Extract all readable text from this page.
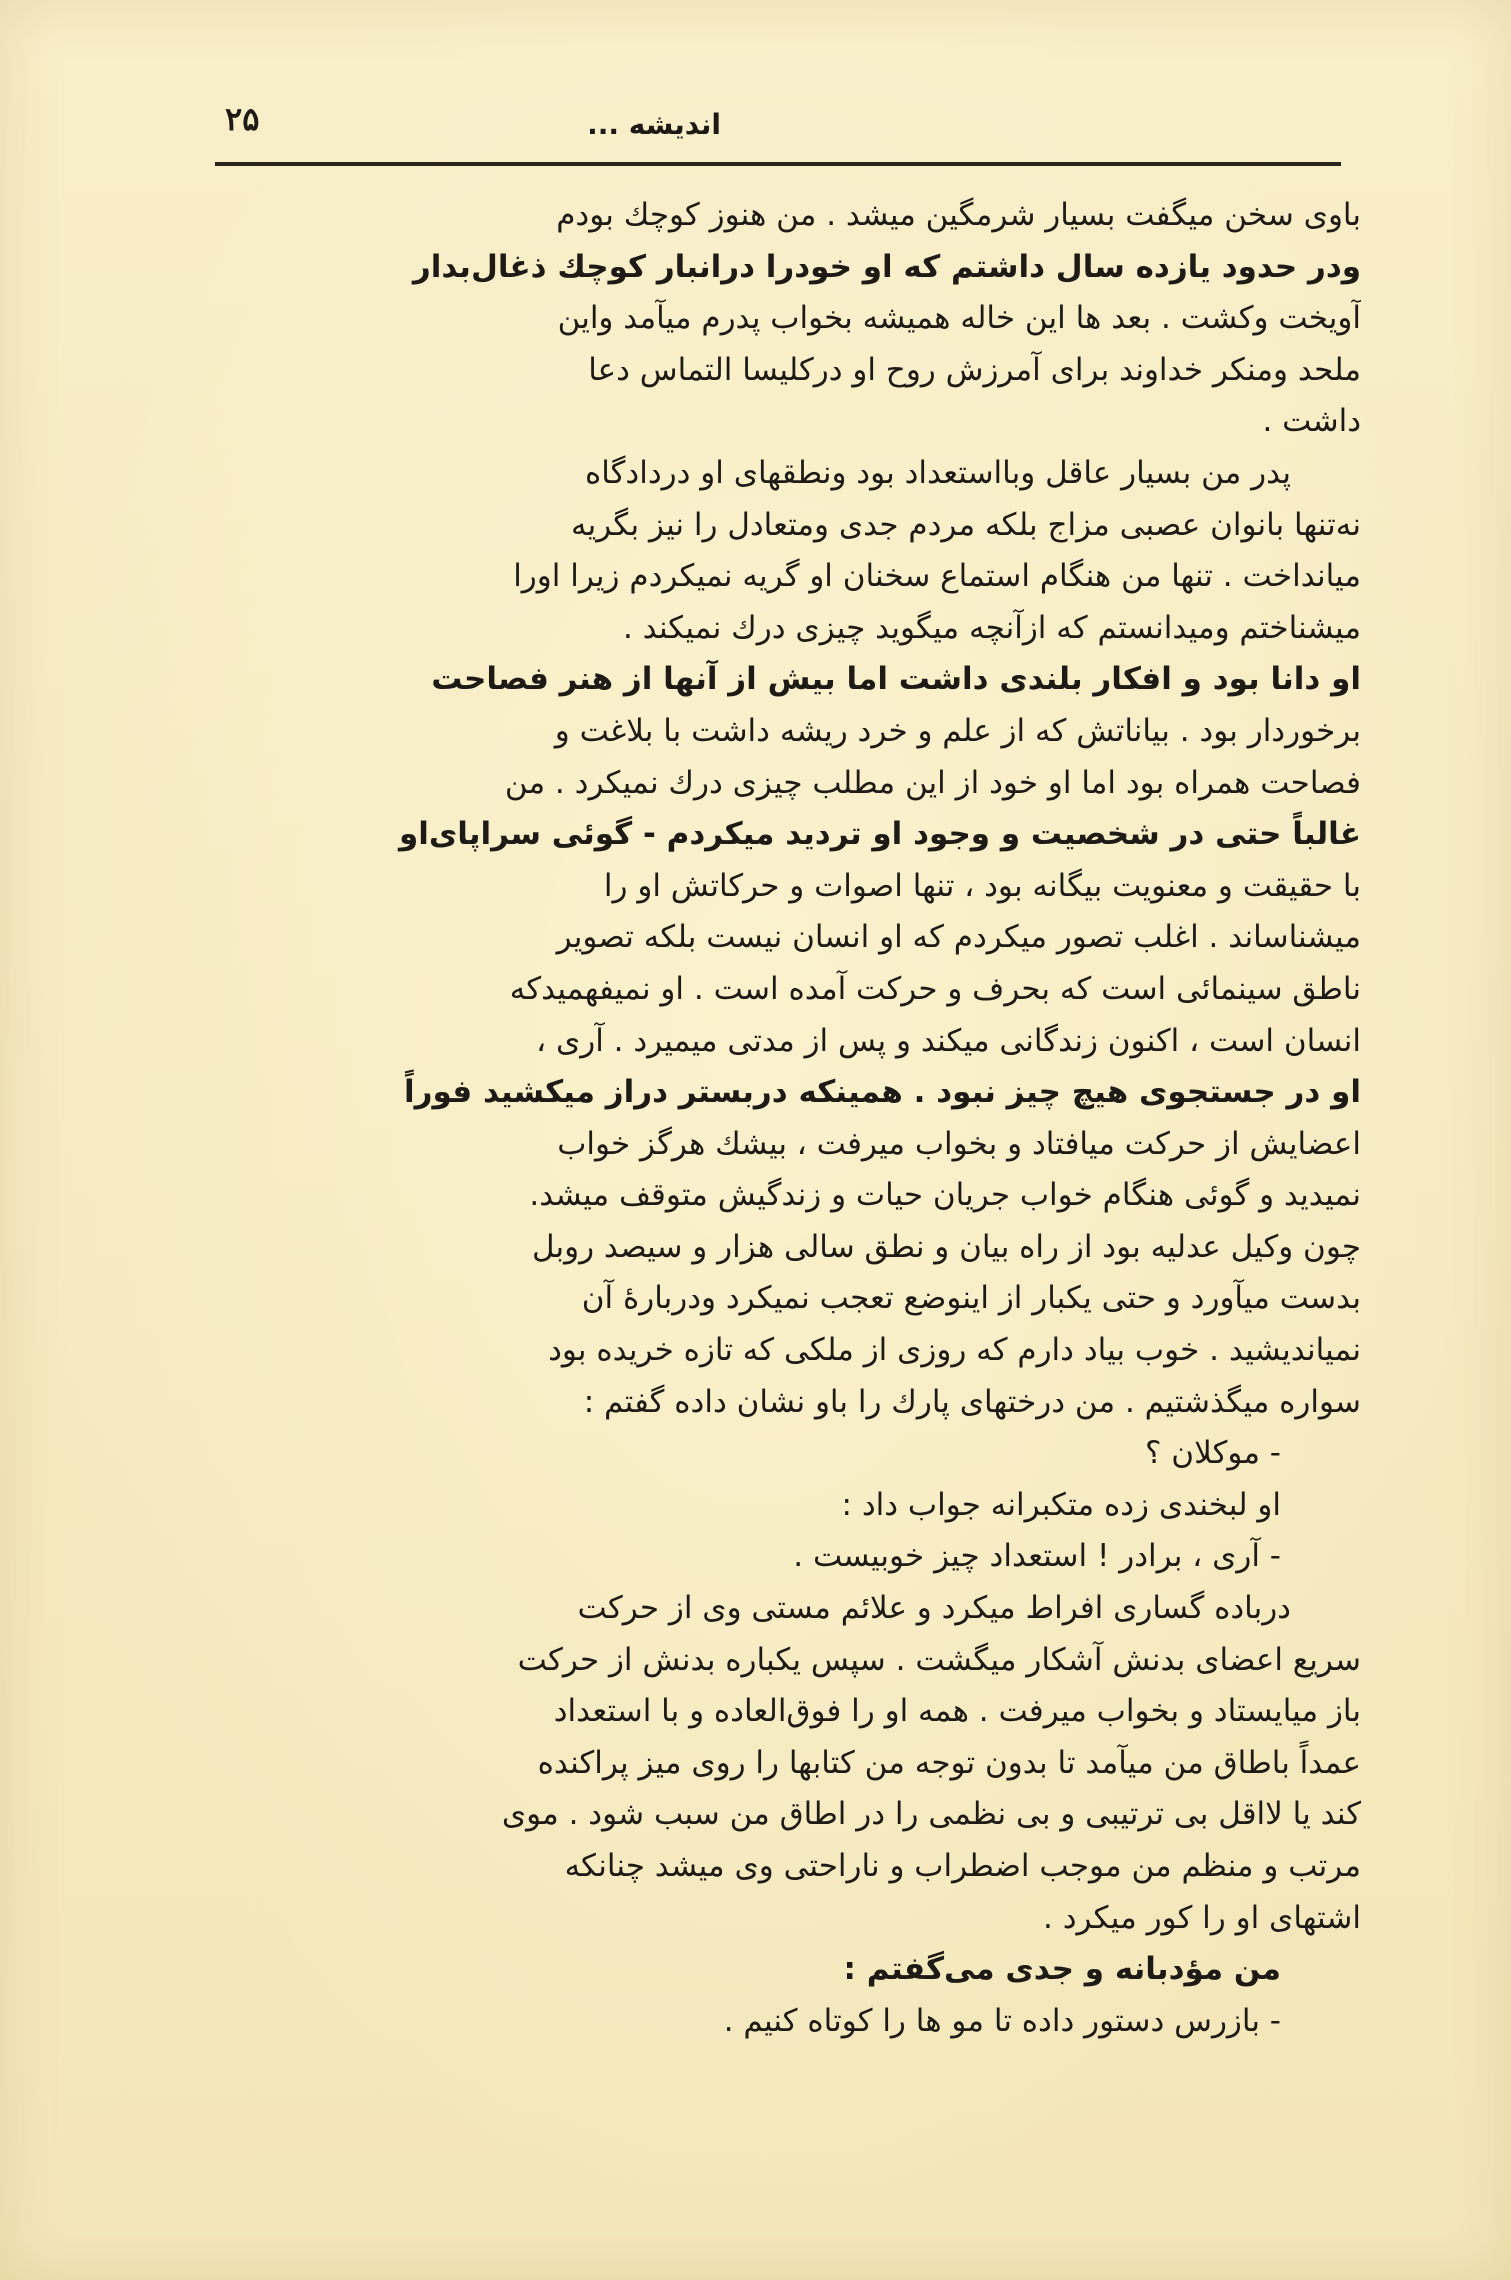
۲۵	اندیشه ...

باوی سخن میگفت بسیار شرمگین میشد . من هنوز کوچك بودم
ودر حدود یازده سال داشتم که او خودرا درانبار کوچك ذغال‌بدار
آویخت وکشت . بعد ها این خاله همیشه بخواب پدرم میآمد واین
ملحد ومنکر خداوند برای آمرزش روح او درکلیسا التماس دعا
داشت .

پدر من بسیار عاقل وبااستعداد بود ونطقهای او دردادگاه
نه‌تنها بانوان عصبی مزاج بلکه مردم جدی ومتعادل را نیز بگریه
میانداخت . تنها من هنگام استماع سخنان او گریه نمیکردم زیرا اورا
میشناختم ومیدانستم که ازآنچه میگوید چیزی درك نمیکند .

او دانا بود و افکار بلندی داشت اما بیش از آنها از هنر فصاحت
برخوردار بود . بیاناتش که از علم و خرد ریشه داشت با بلاغت و
فصاحت همراه بود اما او خود از این مطلب چیزی درك نمیکرد . من
غالباً حتی در شخصیت و وجود او تردید میکردم - گوئی سراپای‌او
با حقیقت و معنویت بیگانه بود ، تنها اصوات و حرکاتش او را
میشناساند . اغلب تصور میکردم که او انسان نیست بلکه تصویر
ناطق سینمائی است که بحرف و حرکت آمده است . او نمیفهمیدکه
انسان است ، اکنون زندگانی میکند و پس از مدتی میمیرد . آری ،
او در جستجوی هیچ چیز نبود . همینکه دربستر دراز میکشید فوراً
اعضایش از حرکت میافتاد و بخواب میرفت ، بیشك هرگز خواب
نمیدید و گوئی هنگام خواب جریان حیات و زندگیش متوقف میشد.
چون وکیل عدلیه بود از راه بیان و نطق سالی هزار و سیصد روبل
بدست میآورد و حتی یکبار از اینوضع تعجب نمیکرد ودربارهٔ آن
نمیاندیشید . خوب بیاد دارم که روزی از ملکی که تازه خریده بود
سواره میگذشتیم . من درختهای پارك را باو نشان داده گفتم :

- موکلان ؟
او لبخندی زده متکبرانه جواب داد :
- آری ، برادر ! استعداد چیز خوبیست .

درباده گساری افراط میکرد و علائم مستی وی از حرکت
سریع اعضای بدنش آشکار میگشت . سپس یکباره بدنش از حرکت
باز میایستاد و بخواب میرفت . همه او را فوق‌العاده و با استعداد
عمداً باطاق من میآمد تا بدون توجه من کتابها را روی میز پراکنده
کند یا لااقل بی ترتیبی و بی نظمی را در اطاق من سبب شود . موی
مرتب و منظم من موجب اضطراب و ناراحتی وی میشد چنانکه
اشتهای او را کور میکرد .

من مؤدبانه و جدی می‌گفتم :
- بازرس دستور داده تا مو ها را کوتاه کنیم .
